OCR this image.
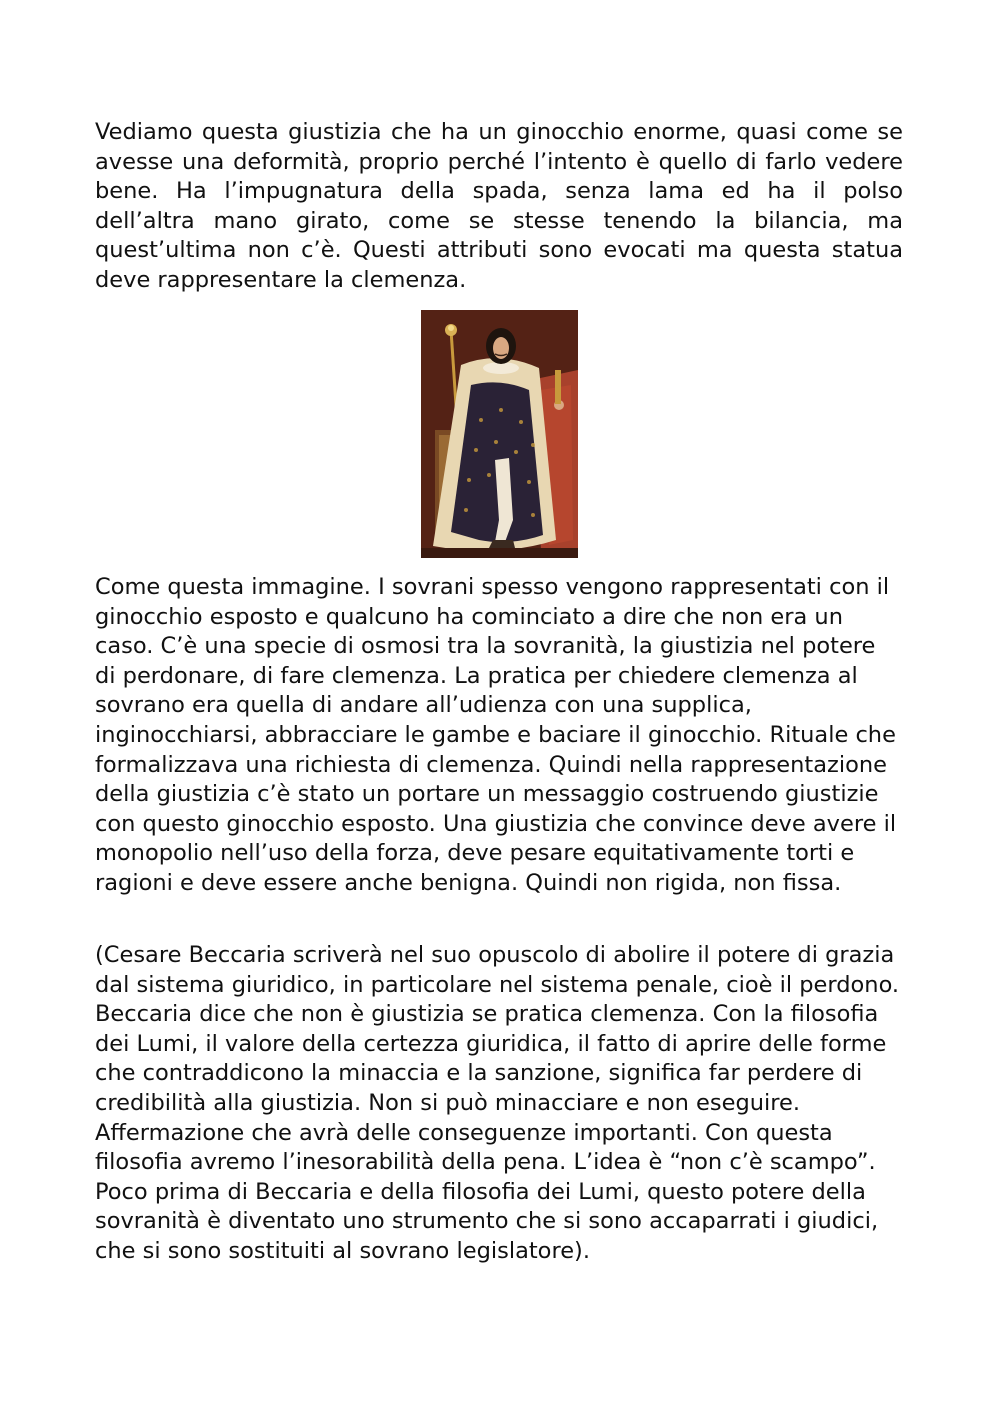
Vediamo questa giustizia che ha un ginocchio enorme, quasi come se avesse una deformità, proprio perché l’intento è quello di farlo vedere bene. Ha l’impugnatura della spada, senza lama ed ha il polso dell’altra mano girato, come se stesse tenendo la bilancia, ma quest’ultima non c’è. Questi attributi sono evocati ma questa statua deve rappresentare la clemenza.

Come questa immagine. I sovrani spesso vengono rappresentati con il ginocchio esposto e qualcuno ha cominciato a dire che non era un caso. C’è una specie di osmosi tra la sovranità, la giustizia nel potere di perdonare, di fare clemenza. La pratica per chiedere clemenza al sovrano era quella di andare all’udienza con una supplica, inginocchiarsi, abbracciare le gambe e baciare il ginocchio. Rituale che formalizzava una richiesta di clemenza. Quindi nella rappresentazione della giustizia c’è stato un portare un messaggio costruendo giustizie con questo ginocchio esposto. Una giustizia che convince deve avere il monopolio nell’uso della forza, deve pesare equitativamente torti e ragioni e deve essere anche benigna. Quindi non rigida, non fissa.

(Cesare Beccaria scriverà nel suo opuscolo di abolire il potere di grazia dal sistema giuridico, in particolare nel sistema penale, cioè il perdono. Beccaria dice che non è giustizia se pratica clemenza. Con la filosofia dei Lumi, il valore della certezza giuridica, il fatto di aprire delle forme che contraddicono la minaccia e la sanzione, significa far perdere di credibilità alla giustizia. Non si può minacciare e non eseguire. Affermazione che avrà delle conseguenze importanti. Con questa filosofia avremo l’inesorabilità della pena. L’idea è “non c’è scampo”. Poco prima di Beccaria e della filosofia dei Lumi, questo potere della sovranità è diventato uno strumento che si sono accaparrati i giudici, che si sono sostituiti al sovrano legislatore).
